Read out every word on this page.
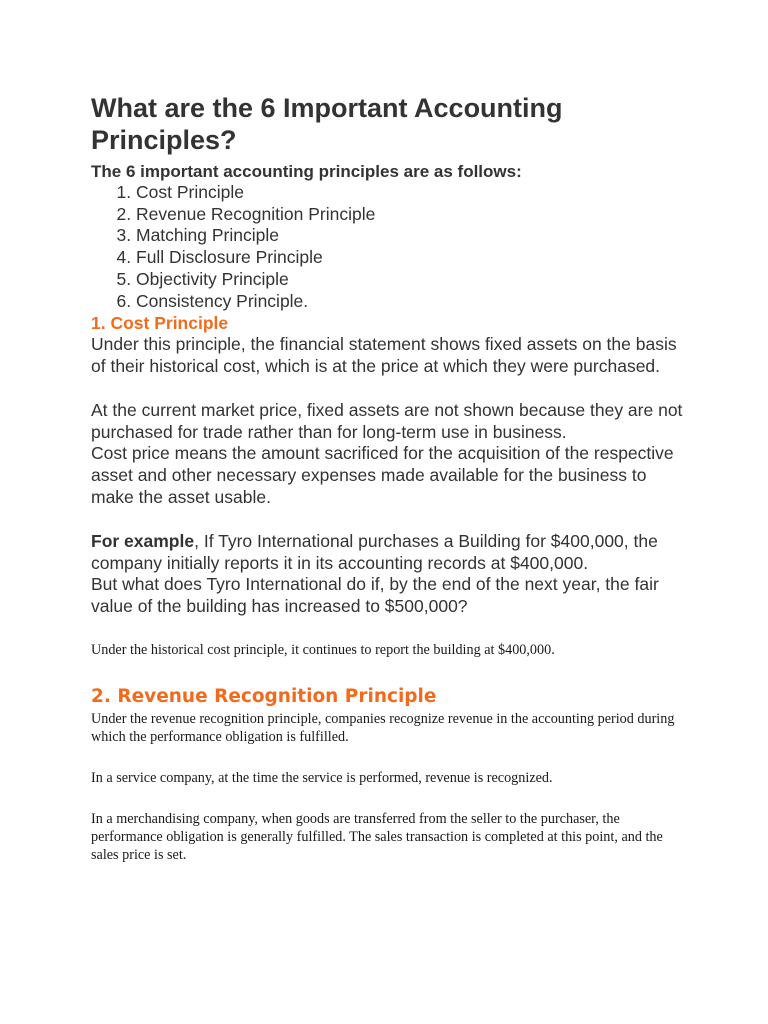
What are the 6 Important Accounting Principles?

The 6 important accounting principles are as follows:

1. Cost Principle
2. Revenue Recognition Principle
3. Matching Principle
4. Full Disclosure Principle
5. Objectivity Principle
6. Consistency Principle.
1. Cost Principle

Under this principle, the financial statement shows fixed assets on the basis of their historical cost, which is at the price at which they were purchased.

At the current market price, fixed assets are not shown because they are not purchased for trade rather than for long-term use in business.

Cost price means the amount sacrificed for the acquisition of the respective asset and other necessary expenses made available for the business to make the asset usable.

For example, If Tyro International purchases a Building for $400,000, the company initially reports it in its accounting records at $400,000.

But what does Tyro International do if, by the end of the next year, the fair value of the building has increased to $500,000?

Under the historical cost principle, it continues to report the building at $400,000.

2. Revenue Recognition Principle

Under the revenue recognition principle, companies recognize revenue in the accounting period during which the performance obligation is fulfilled.

In a service company, at the time the service is performed, revenue is recognized.

In a merchandising company, when goods are transferred from the seller to the purchaser, the performance obligation is generally fulfilled. The sales transaction is completed at this point, and the sales price is set.
